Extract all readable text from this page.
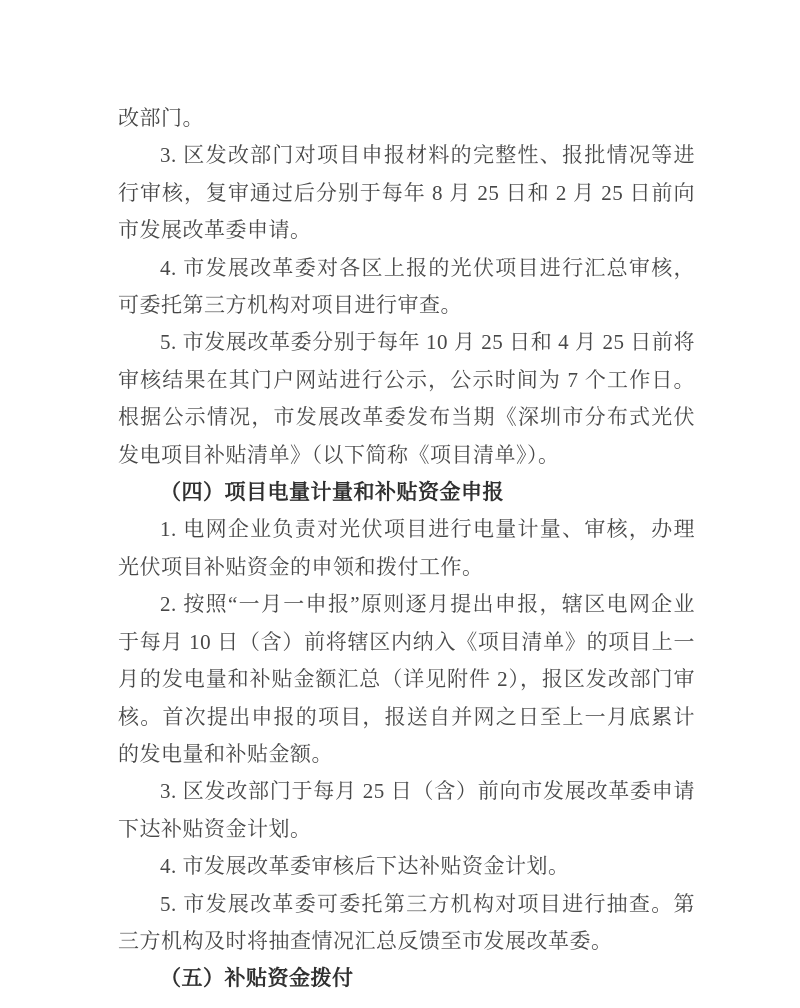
改部门。

3. 区发改部门对项目申报材料的完整性、报批情况等进行审核，复审通过后分别于每年 8 月 25 日和 2 月 25 日前向市发展改革委申请。

4. 市发展改革委对各区上报的光伏项目进行汇总审核，可委托第三方机构对项目进行审查。

5. 市发展改革委分别于每年 10 月 25 日和 4 月 25 日前将审核结果在其门户网站进行公示，公示时间为 7 个工作日。根据公示情况，市发展改革委发布当期《深圳市分布式光伏发电项目补贴清单》（以下简称《项目清单》）。

（四）项目电量计量和补贴资金申报

1. 电网企业负责对光伏项目进行电量计量、审核，办理光伏项目补贴资金的申领和拨付工作。

2. 按照“一月一申报”原则逐月提出申报，辖区电网企业于每月 10 日（含）前将辖区内纳入《项目清单》的项目上一月的发电量和补贴金额汇总（详见附件 2），报区发改部门审核。首次提出申报的项目，报送自并网之日至上一月底累计的发电量和补贴金额。

3. 区发改部门于每月 25 日（含）前向市发展改革委申请下达补贴资金计划。

4. 市发展改革委审核后下达补贴资金计划。

5. 市发展改革委可委托第三方机构对项目进行抽查。第三方机构及时将抽查情况汇总反馈至市发展改革委。

（五）补贴资金拨付
